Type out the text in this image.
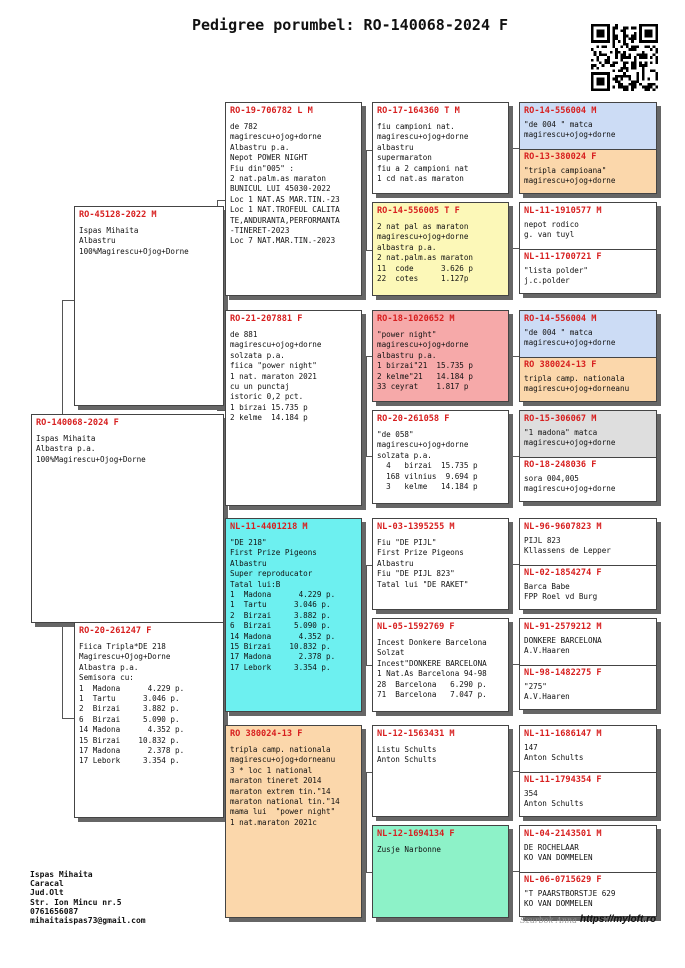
Pedigree porumbel: RO-140068-2024 F
RO-140068-2024 F
Ispas Mihaita
Albastra p.a.
100%Magirescu+Ojog+Dorne
RO-45128-2022 M
Ispas Mihaita
Albastru
100%Magirescu+Ojog+Dorne
RO-20-261247 F
Fiica Tripla*DE 218
Magirescu+Ojog+Dorne
Albastra p.a.
Semisora cu:
1  Madona      4.229 p.
1  Tartu      3.046 p.
2  Birzai     3.882 p.
6  Birzai     5.090 p.
14 Madona      4.352 p.
15 Birzai    10.832 p.
17 Madona      2.378 p.
17 Lebork     3.354 p.
RO-19-706782 L M
de 782
magirescu+ojog+dorne
Albastru p.a.
Nepot POWER NIGHT
Fiu din"005" :
2 nat.palm.as maraton
BUNICUL LUI 45030-2022
Loc 1 NAT.AS MAR.TIN.-23
Loc 1 NAT.TROFEUL CALITA
TE,ANDURANTA,PERFORMANTA
-TINERET-2023
Loc 7 NAT.MAR.TIN.-2023
RO-21-207881 F
de 881
magirescu+ojog+dorne
solzata p.a.
fiica "power night"
1 nat. maraton 2021
cu un punctaj
istoric 0,2 pct.
1 birzai 15.735 p
2 kelme  14.184 p
NL-11-4401218 M
"DE 218"
First Prize Pigeons
Albastru
Super reproducator
Tatal lui:B
1  Madona      4.229 p.
1  Tartu      3.046 p.
2  Birzai     3.882 p.
6  Birzai     5.090 p.
14 Madona      4.352 p.
15 Birzai    10.832 p.
17 Madona      2.378 p.
17 Lebork     3.354 p.
RO 380024-13 F
tripla camp. nationala
magirescu+ojog+dorneanu
3 * loc 1 national
maraton tineret 2014
maraton extrem tin."14
maraton national tin."14
mama lui  "power night"
1 nat.maraton 2021c
RO-17-164360 T M
fiu campioni nat.
magirescu+ojog+dorne
albastru
supermaraton
fiu a 2 campioni nat
1 cd nat.as maraton
RO-14-556005 T F
2 nat pal as maraton
magirescu+ojog+dorne
albastra p.a.
2 nat.palm.as maraton
11  code      3.626 p
22  cotes     1.127p
RO-18-1020652 M
"power night"
magirescu+ojog+dorne
albastru p.a.
1 birzai"21  15.735 p
2 kelme"21   14.184 p
33 ceyrat    1.817 p
RO-20-261058 F
"de 058"
magirescu+ojog+dorne
solzata p.a.
4   birzai  15.735 p
168 vilnius  9.694 p
3   kelme   14.184 p
NL-03-1395255 M
Fiu "DE PIJL"
First Prize Pigeons
Albastru
Fiu "DE PIJL 823"
Tatal lui "DE RAKET"
NL-05-1592769 F
Incest Donkere Barcelona
Solzat
Incest"DONKERE BARCELONA
1 Nat.As Barcelona 94-98
28  Barcelona   6.290 p.
71  Barcelona   7.047 p.
NL-12-1563431 M
Listu Schults
Anton Schults
NL-12-1694134 F
Zusje Narbonne
RO-14-556004 M
"de 004 " matca
magirescu+ojog+dorne
RO-13-380024 F
"tripla campioana"
magirescu+ojog+dorne
NL-11-1910577 M
nepot rodico
g. van tuyl
NL-11-1700721 F
"lista polder"
j.c.polder
RO-14-556004 M
"de 004 " matca
magirescu+ojog+dorne
RO 380024-13 F
tripla camp. nationala
magirescu+ojog+dorneanu
RO-15-306067 M
"1 madona" matca
magirescu+ojog+dorne
RO-18-248036 F
sora 004,005
magirescu+ojog+dorne
NL-96-9607823 M
PIJL 823
Kllassens de Lepper
NL-02-1854274 F
Barca Babe
FPP Roel vd Burg
NL-91-2579212 M
DONKERE BARCELONA
A.V.Haaren
NL-98-1482275 F
"275"
A.V.Haaren
NL-11-1686147 M
147
Anton Schults
NL-11-1794354 F
354
Anton Schults
NL-04-2143501 M
DE ROCHELAAR
KO VAN DOMMELEN
NL-06-0715629 F
"T PAARSTBORSTJE 629
KO VAN DOMMELEN
Ispas Mihaita
Caracal
Jud.Olt
Str. Ion Mincu nr.5
0761656087
mihaitaispas73@gmail.com	Szurbok Anna https://myloft.ro
